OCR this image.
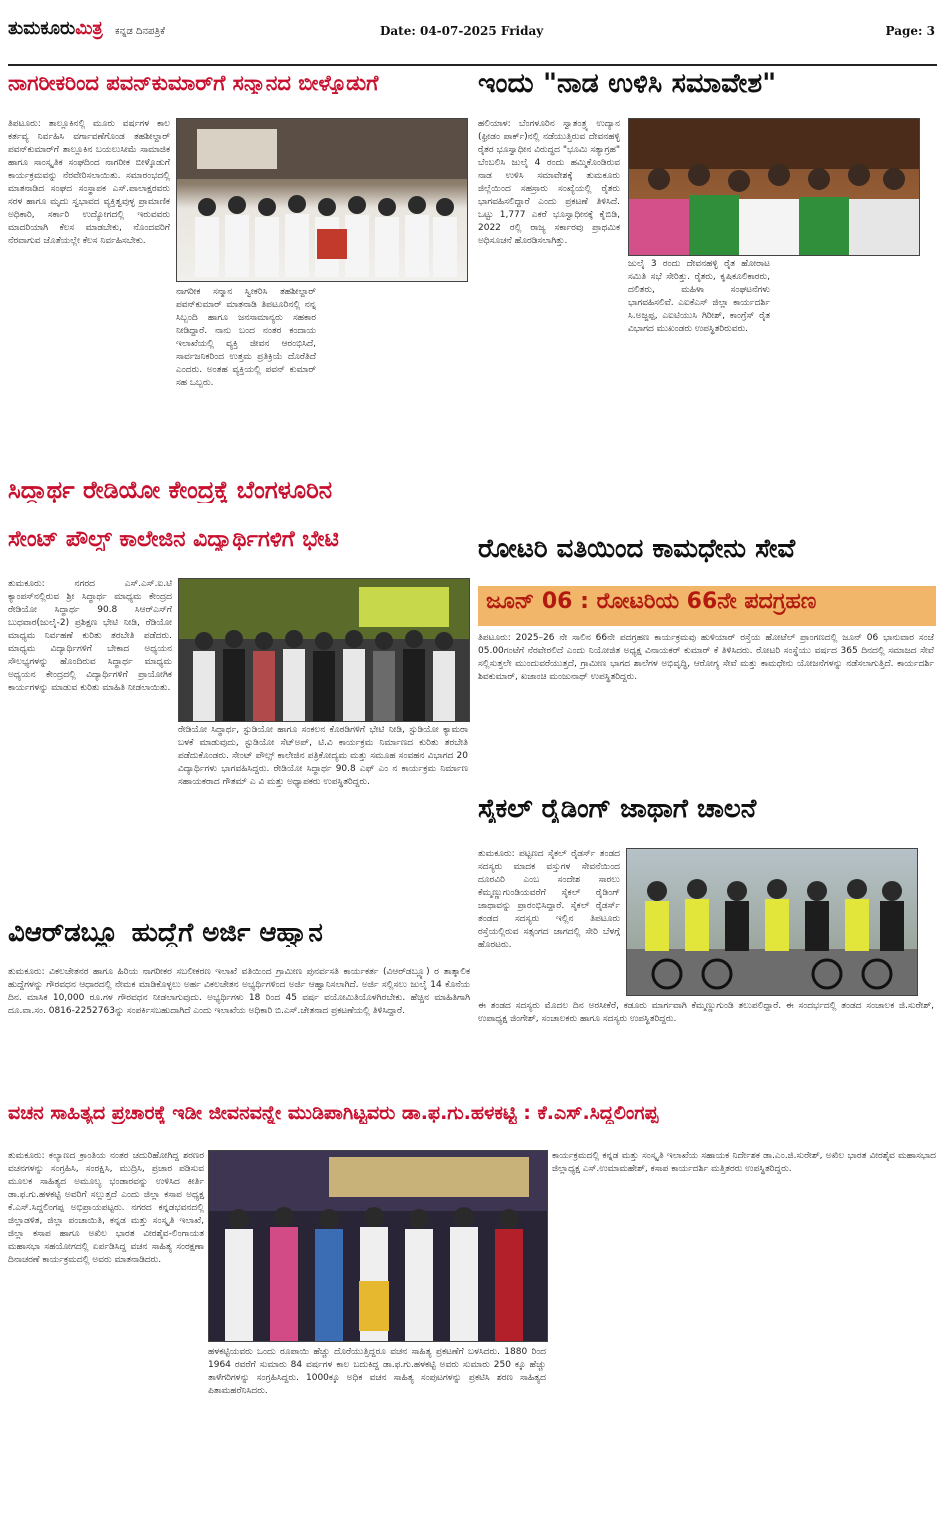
ತುಮಕೂರುಮಿತ್ರ ಕನ್ನಡ ದಿನಪತ್ರಿಕೆ	Date: 04-07-2025 Friday	Page: 3
ನಾಗರೀಕರಿಂದ ಪವನ್‌ಕುಮಾರ್‌ಗೆ ಸನ್ಮಾನದ ಬೀಳ್ಕೊಡುಗೆ
ತಿಪಟೂರು: ತಾಲ್ಲೂಕಿನಲ್ಲಿ ಮೂರು ವರ್ಷಗಳ ಕಾಲ ಕರ್ತವ್ಯ ನಿರ್ವಹಿಸಿ ವರ್ಗಾವಣೆಗೊಂಡ ತಹಶೀಲ್ದಾರ್ ಪವನ್‌ಕುಮಾರ್‌ಗೆ ತಾಲ್ಲೂಕಿನ ಬಯಲುಸೀಮೆ ಸಾಮಾಜಿಕ ಹಾಗೂ ಸಾಂಸ್ಕೃತಿಕ ಸಂಘದಿಂದ ನಾಗರೀಕ ಬೀಳ್ಕೊಡುಗೆ ಕಾರ್ಯಕ್ರಮವನ್ನು ನೆರವೇರಿಸಲಾಯಿತು. ಸಮಾರಂಭದಲ್ಲಿ ಮಾತನಾಡಿದ ಸಂಘದ ಸಂಸ್ಥಾಪಕ ಎಸ್.ಪಾಲಾಕ್ಷರವರು ಸರಳ ಹಾಗೂ ಮೃದು ಸ್ವಭಾವದ ವ್ಯಕ್ತಿತ್ವವುಳ್ಳ ಪ್ರಾಮಾಣಿಕ ಅಧಿಕಾರಿ, ಸರ್ಕಾರಿ ಉದ್ಯೋಗದಲ್ಲಿ ಇರುವವರು ಮಾದರಿಯಾಗಿ ಕೆಲಸ ಮಾಡಬೇಕು, ನೊಂದವರಿಗೆ ನೆರವಾಗುವ ಜೊತೆಯಲ್ಲೇ ಕೆಲಸ ನಿರ್ವಹಿಸಬೇಕು.
ನಾಗರೀಕ ಸನ್ಮಾನ ಸ್ವೀಕರಿಸಿ ತಹಶೀಲ್ದಾರ್ ಪವನ್‌ಕುಮಾರ್ ಮಾತನಾಡಿ ತಿಪಟೂರಿನಲ್ಲಿ ನನ್ನ ಸಿಬ್ಬಂದಿ ಹಾಗೂ ಜನಸಾಮಾನ್ಯರು ಸಹಕಾರ ನೀಡಿದ್ದಾರೆ. ನಾನು ಬಂದ ನಂತರ ಕಂದಾಯ ಇಲಾಖೆಯಲ್ಲಿ ವ್ಯಕ್ತಿ ಜೀವನ ಆರಂಭಿಸಿದೆ, ಸಾರ್ವಜನಿಕರಿಂದ ಉತ್ತಮ ಪ್ರತಿಕ್ರಿಯೆ ದೊರೆತಿದೆ ಎಂದರು. ಅಂತಹ ವ್ಯಕ್ತಿಯಲ್ಲಿ ಪವನ್ ಕುಮಾರ್ ಸಹ ಒಬ್ಬರು.
ಇಂದು "ನಾಡ ಉಳಿಸಿ ಸಮಾವೇಶ"
ಹಲಿಯಾಳ: ಬೆಂಗಳೂರಿನ ಸ್ವಾತಂತ್ರ್ಯ ಉದ್ಯಾನ (ಫ್ರೀಡಂ ಪಾರ್ಕ್)ನಲ್ಲಿ ನಡೆಯುತ್ತಿರುವ ದೇವನಹಳ್ಳಿ ರೈತರ ಭೂಸ್ವಾಧೀನ ವಿರುದ್ಧದ "ಭೂಮಿ ಸತ್ಯಾಗ್ರಹ" ಬೆಂಬಲಿಸಿ ಜುಲೈ 4 ರಂದು ಹಮ್ಮಿಕೊಂಡಿರುವ ನಾಡ ಉಳಿಸಿ ಸಮಾವೇಶಕ್ಕೆ ತುಮಕೂರು ಜಿಲ್ಲೆಯಿಂದ ಸಹಸ್ರಾರು ಸಂಖ್ಯೆಯಲ್ಲಿ ರೈತರು ಭಾಗವಹಿಸಲಿದ್ದಾರೆ ಎಂದು ಪ್ರಕಟಣೆ ತಿಳಿಸಿದೆ. ಒಟ್ಟು 1,777 ಎಕರೆ ಭೂಸ್ವಾಧೀನಕ್ಕೆ ಕೈಬಿಡಿ, 2022 ರಲ್ಲಿ ರಾಜ್ಯ ಸರ್ಕಾರವು ಪ್ರಾಥಮಿಕ ಅಧಿಸೂಚನೆ ಹೊರಡಿಸಲಾಗಿತ್ತು.
ಜುಲೈ 3 ರಂದು ದೇವನಹಳ್ಳಿ ರೈತ ಹೋರಾಟ ಸಮಿತಿ ಸಭೆ ಸೇರಿತ್ತು. ರೈತರು, ಕೃಷಿಕೂಲಿಕಾರರು, ದಲಿತರು, ಮಹಿಳಾ ಸಂಘಟನೆಗಳು ಭಾಗವಹಿಸಲಿವೆ. ಎಐಕೆಎಸ್ ಜಿಲ್ಲಾ ಕಾರ್ಯದರ್ಶಿ ಸಿ.ಅಜ್ಜಪ್ಪ, ಎಐಟಿಯುಸಿ ಗಿರೀಶ್, ಕಾಂಗ್ರೆಸ್ ರೈತ ವಿಭಾಗದ ಮುಖಂಡರು ಉಪಸ್ಥಿತರಿರುವರು.
ಸಿದ್ಧಾರ್ಥ ರೇಡಿಯೋ ಕೇಂದ್ರಕ್ಕೆ ಬೆಂಗಳೂರಿನ
ಸೇಂಟ್ ಪೌಲ್ಸ್ ಕಾಲೇಜಿನ ವಿದ್ಯಾರ್ಥಿಗಳಿಗೆ ಭೇಟಿ
ತುಮಕೂರು: ನಗರದ ಎಸ್.ಎಸ್.ಐ.ಟಿ ಕ್ಯಾಂಪಸ್‌ನಲ್ಲಿರುವ ಶ್ರೀ ಸಿದ್ಧಾರ್ಥ ಮಾಧ್ಯಮ ಕೇಂದ್ರದ ರೇಡಿಯೋ ಸಿದ್ಧಾರ್ಥ 90.8 ಸಿಆರ್‌ಎಸ್‌ಗೆ ಬುಧವಾರ(ಜುಲೈ-2) ಪ್ರಶಿಕ್ಷಣ ಭೇಟಿ ನೀಡಿ, ರೆಡಿಯೋ ಮಾಧ್ಯಮ ನಿರ್ವಹಣೆ ಕುರಿತು ತರಬೇತಿ ಪಡೆದರು. ಮಾಧ್ಯಮ ವಿದ್ಯಾರ್ಥಿಗಳಿಗೆ ಬೇಕಾದ ಅಧ್ಯಯನ ಸೌಲಭ್ಯಗಳನ್ನು ಹೊಂದಿರುವ ಸಿದ್ಧಾರ್ಥ ಮಾಧ್ಯಮ ಅಧ್ಯಯನ ಕೇಂದ್ರದಲ್ಲಿ ವಿದ್ಯಾರ್ಥಿಗಳಿಗೆ ಪ್ರಾಯೋಗಿಕ ಕಾರ್ಯಗಳನ್ನು ಮಾಡುವ ಕುರಿತು ಮಾಹಿತಿ ನೀಡಲಾಯಿತು.
ರೇಡಿಯೋ ಸಿದ್ಧಾರ್ಥ, ಸ್ಟುಡಿಯೋ ಹಾಗೂ ಸಂಕಲನ ಕೊಠಡಿಗಳಿಗೆ ಭೇಟಿ ನೀಡಿ, ಸ್ಟುಡಿಯೋ ಕ್ಯಾಮರಾ ಬಳಕೆ ಮಾಡುವುದು, ಸ್ಟುಡಿಯೋ ಸೆಟ್‌ಅಪ್, ಟಿ.ವಿ ಕಾರ್ಯಕ್ರಮ ನಿರ್ಮಾಣದ ಕುರಿತು ತರಬೇತಿ ಪಡೆದುಕೊಂಡರು. ಸೇಂಟ್ ಪೌಲ್ಸ್ ಕಾಲೇಜಿನ ಪತ್ರಿಕೋದ್ಯಮ ಮತ್ತು ಸಮೂಹ ಸಂವಹನ ವಿಭಾಗದ 20 ವಿದ್ಯಾರ್ಥಿಗಳು ಭಾಗವಹಿಸಿದ್ದರು. ರೇಡಿಯೋ ಸಿದ್ಧಾರ್ಥ 90.8 ಎಫ್ ಎಂ ನ ಕಾರ್ಯಕ್ರಮ ನಿರ್ಮಾಣ ಸಹಾಯಕರಾದ ಗೌತಮ್ ಎ ವಿ ಮತ್ತು ಅಧ್ಯಾಪಕರು ಉಪಸ್ಥಿತರಿದ್ದರು.
ರೋಟರಿ ವತಿಯಿಂದ ಕಾಮಧೇನು ಸೇವೆ
ಜೂನ್ 06 : ರೋಟರಿಯ 66ನೇ ಪದಗ್ರಹಣ
ತಿಪಟೂರು: 2025–26 ನೇ ಸಾಲಿನ 66ನೇ ಪದಗ್ರಹಣ ಕಾರ್ಯಕ್ರಮವು ಹುಳಿಯಾರ್ ರಸ್ತೆಯ ಹೋಟೆಲ್ ಪ್ರಾಂಗಣದಲ್ಲಿ ಜೂನ್ 06 ಭಾನುವಾರ ಸಂಜೆ 05.00ಗಂಟೆಗೆ ನೆರವೇರಲಿದೆ ಎಂದು ನಿಯೋಜಿತ ಅಧ್ಯಕ್ಷ ವಿನಾಯಕರ್ ಕುಮಾರ್ ಕೆ ತಿಳಿಸಿದರು. ರೋಟರಿ ಸಂಸ್ಥೆಯು ವರ್ಷದ 365 ದಿನದಲ್ಲಿ ಸಮಾಜದ ಸೇವೆ ಸಲ್ಲಿಸುತ್ತಲೇ ಮುಂದುವರೆಯುತ್ತದೆ, ಗ್ರಾಮೀಣ ಭಾಗದ ಶಾಲೆಗಳ ಅಭಿವೃದ್ಧಿ, ಆರೋಗ್ಯ ಸೇವೆ ಮತ್ತು ಕಾಮಧೇನು ಯೋಜನೆಗಳನ್ನು ನಡೆಸಲಾಗುತ್ತಿದೆ. ಕಾರ್ಯದರ್ಶಿ ಶಿವಕುಮಾರ್, ಖಜಾಂಚಿ ಮಂಜುನಾಥ್ ಉಪಸ್ಥಿತರಿದ್ದರು.
ಸೈಕಲ್ ರೈಡಿಂಗ್ ಜಾಥಾಗೆ ಚಾಲನೆ
ತುಮಕೂರು: ಪಟ್ಟಣದ ಸೈಕಲ್ ರೈಡರ್ಸ್ ತಂಡದ ಸದಸ್ಯರು ಮಾದಕ ವಸ್ತುಗಳ ಸೇವನೆಯಿಂದ ದೂರವಿರಿ ಎಂಬ ಸಂದೇಶ ಸಾರಲು ಕೆಮ್ಮಣ್ಣುಗುಂಡಿಯವರೆಗೆ ಸೈಕಲ್ ರೈಡಿಂಗ್ ಜಾಥಾವನ್ನು ಪ್ರಾರಂಭಿಸಿದ್ದಾರೆ. ಸೈಕಲ್ ರೈಡರ್ಸ್ ತಂಡದ ಸದಸ್ಯರು ಇಲ್ಲಿನ ತಿಪಟೂರು ರಸ್ತೆಯಲ್ಲಿರುವ ಸತ್ಸಂಗದ ಜಾಗದಲ್ಲಿ ಸೇರಿ ಬೆಳಗ್ಗೆ ಹೊರಟರು.
ಈ ತಂಡದ ಸದಸ್ಯರು ಮೊದಲ ದಿನ ಅರಸೀಕೆರೆ, ಕಡೂರು ಮಾರ್ಗವಾಗಿ ಕೆಮ್ಮಣ್ಣುಗುಂಡಿ ತಲುಪಲಿದ್ದಾರೆ. ಈ ಸಂದರ್ಭದಲ್ಲಿ ತಂಡದ ಸಂಚಾಲಕ ಜಿ.ಸುರೇಶ್, ಉಪಾಧ್ಯಕ್ಷ ಜಿಂಗೇಶ್, ಸಂಚಾಲಕರು ಹಾಗೂ ಸದಸ್ಯರು ಉಪಸ್ಥಿತರಿದ್ದರು.
ವಿಆರ್‌ಡಬ್ಲ್ಯೂ ಹುದ್ದೆಗೆ ಅರ್ಜಿ ಆಹ್ವಾನ
ತುಮಕೂರು: ವಿಕಲಚೇತನರ ಹಾಗೂ ಹಿರಿಯ ನಾಗರೀಕರ ಸಬಲೀಕರಣ ಇಲಾಖೆ ವತಿಯಿಂದ ಗ್ರಾಮೀಣ ಪುನರ್ವಸತಿ ಕಾರ್ಯಕರ್ತ (ವಿಆರ್‌ಡಬ್ಲ್ಯೂ) ರ ತಾತ್ಕಾಲಿಕ ಹುದ್ದೆಗಳನ್ನು ಗೌರವಧನ ಆಧಾರದಲ್ಲಿ ನೇಮಕ ಮಾಡಿಕೊಳ್ಳಲು ಅರ್ಹ ವಿಕಲಚೇತನ ಅಭ್ಯರ್ಥಿಗಳಿಂದ ಅರ್ಜಿ ಆಹ್ವಾನಿಸಲಾಗಿದೆ. ಅರ್ಜಿ ಸಲ್ಲಿಸಲು ಜುಲೈ 14 ಕೊನೆಯ ದಿನ. ಮಾಸಿಕ 10,000 ರೂ.ಗಳ ಗೌರವಧನ ನೀಡಲಾಗುವುದು. ಅಭ್ಯರ್ಥಿಗಳು 18 ರಿಂದ 45 ವರ್ಷ ವಯೋಮಿತಿಯೊಳಗಿರಬೇಕು. ಹೆಚ್ಚಿನ ಮಾಹಿತಿಗಾಗಿ ದೂ.ವಾ.ಸಂ. 0816-2252763ನ್ನು ಸಂಪರ್ಕಿಸಬಹುದಾಗಿದೆ ಎಂದು ಇಲಾಖೆಯ ಅಧಿಕಾರಿ ಬಿ.ಎಸ್.ಚೇತನಾದ ಪ್ರಕಟಣೆಯಲ್ಲಿ ತಿಳಿಸಿದ್ದಾರೆ.
ವಚನ ಸಾಹಿತ್ಯದ ಪ್ರಚಾರಕ್ಕೆ ಇಡೀ ಜೀವನವನ್ನೇ ಮುಡಿಪಾಗಿಟ್ಟವರು ಡಾ.ಫ.ಗು.ಹಳಕಟ್ಟಿ : ಕೆ.ಎಸ್.ಸಿದ್ದಲಿಂಗಪ್ಪ
ತುಮಕೂರು: ಕಲ್ಯಾಣದ ಕ್ರಾಂತಿಯ ನಂತರ ಚದುರಿಹೋಗಿದ್ದ ಶರಣರ ವಚನಗಳನ್ನು ಸಂಗ್ರಹಿಸಿ, ಸಂರಕ್ಷಿಸಿ, ಮುದ್ರಿಸಿ, ಪ್ರಚಾರ ಪಡಿಸುವ ಮೂಲಕ ಸಾಹಿತ್ಯದ ಅಮೂಲ್ಯ ಭಂಡಾರವನ್ನು ಉಳಿಸಿದ ಕೀರ್ತಿ ಡಾ.ಫ.ಗು.ಹಳಕಟ್ಟಿ ಅವರಿಗೆ ಸಲ್ಲುತ್ತದೆ ಎಂದು ಜಿಲ್ಲಾ ಕಸಾಪ ಅಧ್ಯಕ್ಷ ಕೆ.ಎಸ್.ಸಿದ್ದಲಿಂಗಪ್ಪ ಅಭಿಪ್ರಾಯಪಟ್ಟರು. ನಗರದ ಕನ್ನಡಭವನದಲ್ಲಿ ಜಿಲ್ಲಾಡಳಿತ, ಜಿಲ್ಲಾ ಪಂಚಾಯಿತಿ, ಕನ್ನಡ ಮತ್ತು ಸಂಸ್ಕೃತಿ ಇಲಾಖೆ, ಜಿಲ್ಲಾ ಕಸಾಪ ಹಾಗೂ ಅಖಿಲ ಭಾರತ ವೀರಶೈವ-ಲಿಂಗಾಯತ ಮಹಾಸಭಾ ಸಹಯೋಗದಲ್ಲಿ ಏರ್ಪಡಿಸಿದ್ದ ವಚನ ಸಾಹಿತ್ಯ ಸಂರಕ್ಷಣಾ ದಿನಾಚರಣೆ ಕಾರ್ಯಕ್ರಮದಲ್ಲಿ ಅವರು ಮಾತನಾಡಿದರು.
ಹಳಕಟ್ಟಿಯವರು ಒಂದು ರೂಪಾಯಿ ಹೆಚ್ಚು ದೊರೆಯುತ್ತಿದ್ದರೂ ವಚನ ಸಾಹಿತ್ಯ ಪ್ರಕಟಣೆಗೆ ಬಳಸಿದರು. 1880 ರಿಂದ 1964 ರವರೆಗೆ ಸುಮಾರು 84 ವರ್ಷಗಳ ಕಾಲ ಬದುಕಿದ್ದ ಡಾ.ಫ.ಗು.ಹಳಕಟ್ಟಿ ಅವರು ಸುಮಾರು 250 ಕ್ಕೂ ಹೆಚ್ಚು ತಾಳೆಗರಿಗಳನ್ನು ಸಂಗ್ರಹಿಸಿದ್ದರು. 1000ಕ್ಕೂ ಅಧಿಕ ವಚನ ಸಾಹಿತ್ಯ ಸಂಪುಟಗಳನ್ನು ಪ್ರಕಟಿಸಿ ಶರಣ ಸಾಹಿತ್ಯದ ಪಿತಾಮಹರೆನಿಸಿದರು.
ಕಾರ್ಯಕ್ರಮದಲ್ಲಿ ಕನ್ನಡ ಮತ್ತು ಸಂಸ್ಕೃತಿ ಇಲಾಖೆಯ ಸಹಾಯಕ ನಿರ್ದೇಶಕ ಡಾ.ಎಂ.ಜಿ.ಸುರೇಶ್, ಅಖಿಲ ಭಾರತ ವೀರಶೈವ ಮಹಾಸಭಾದ ಜಿಲ್ಲಾಧ್ಯಕ್ಷ ಎಸ್.ಉಮಾಮಹೇಶ್, ಕಸಾಪ ಕಾರ್ಯದರ್ಶಿ ಮತ್ತಿತರರು ಉಪಸ್ಥಿತರಿದ್ದರು.
